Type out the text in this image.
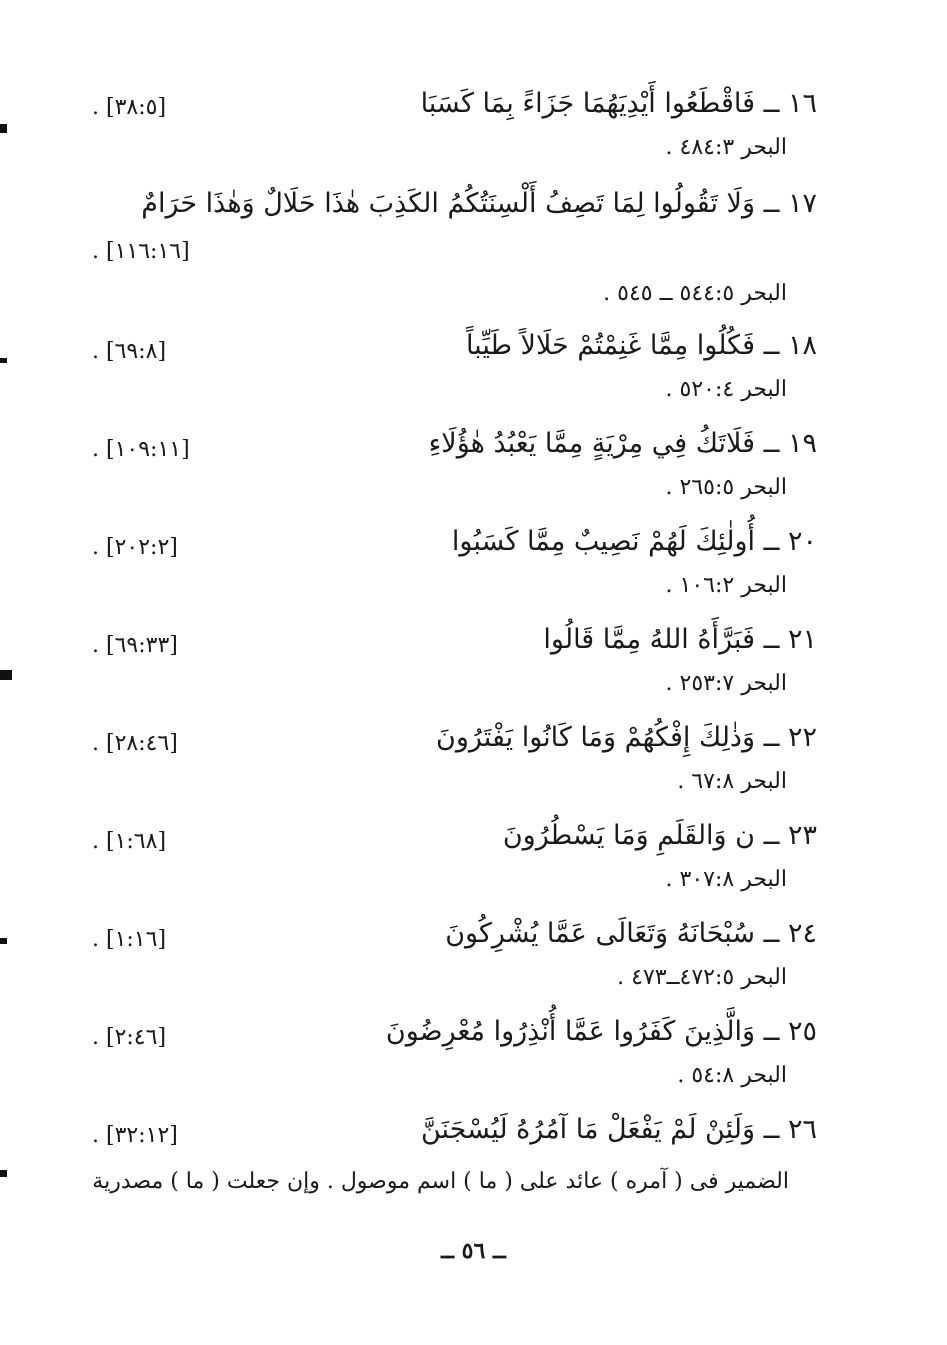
١٦ ــ فَاقْطَعُوا أَيْدِيَهُمَا جَزَاءً بِمَا كَسَبَا
. [٣٨:٥]
البحر ٤٨٤:٣ .
١٧ ــ وَلَا تَقُولُوا لِمَا تَصِفُ أَلْسِنَتُكُمُ الكَذِبَ هٰذَا حَلَالٌ وَهٰذَا حَرَامٌ
. [١١٦:١٦]
البحر ٥٤٤:٥ ــ ٥٤٥ .
١٨ ــ فَكُلُوا مِمَّا غَنِمْتُمْ حَلَالاً طَيِّباً
. [٦٩:٨]
البحر ٥٢٠:٤ .
١٩ ــ فَلَاتَكُ فِي مِرْيَةٍ مِمَّا يَعْبُدُ هٰؤُلَاءِ
. [١٠٩:١١]
البحر ٢٦٥:٥ .
٢٠ ــ أُولٰئِكَ لَهُمْ نَصِيبٌ مِمَّا كَسَبُوا
. [٢٠٢:٢]
البحر ١٠٦:٢ .
٢١ ــ فَبَرَّأَهُ اللهُ مِمَّا قَالُوا
. [٦٩:٣٣]
البحر ٢٥٣:٧ .
٢٢ ــ وَذٰلِكَ إِفْكُهُمْ وَمَا كَانُوا يَفْتَرُونَ
. [٢٨:٤٦]
البحر ٦٧:٨ .
٢٣ ــ ن وَالقَلَمِ وَمَا يَسْطُرُونَ
. [١:٦٨]
البحر ٣٠٧:٨ .
٢٤ ــ سُبْحَانَهُ وَتَعَالَى عَمَّا يُشْرِكُونَ
. [١:١٦]
البحر ٤٧٢:٥ــ٤٧٣ .
٢٥ ــ وَالَّذِينَ كَفَرُوا عَمَّا أُنْذِرُوا مُعْرِضُونَ
. [٢:٤٦]
البحر ٥٤:٨ .
٢٦ ــ وَلَئِنْ لَمْ يَفْعَلْ مَا آمُرُهُ لَيُسْجَنَنَّ
. [٣٢:١٢]
الضمير فى ( آمره ) عائد على ( ما ) اسم موصول . وإن جعلت ( ما ) مصدرية
ــ ٥٦ ــ
